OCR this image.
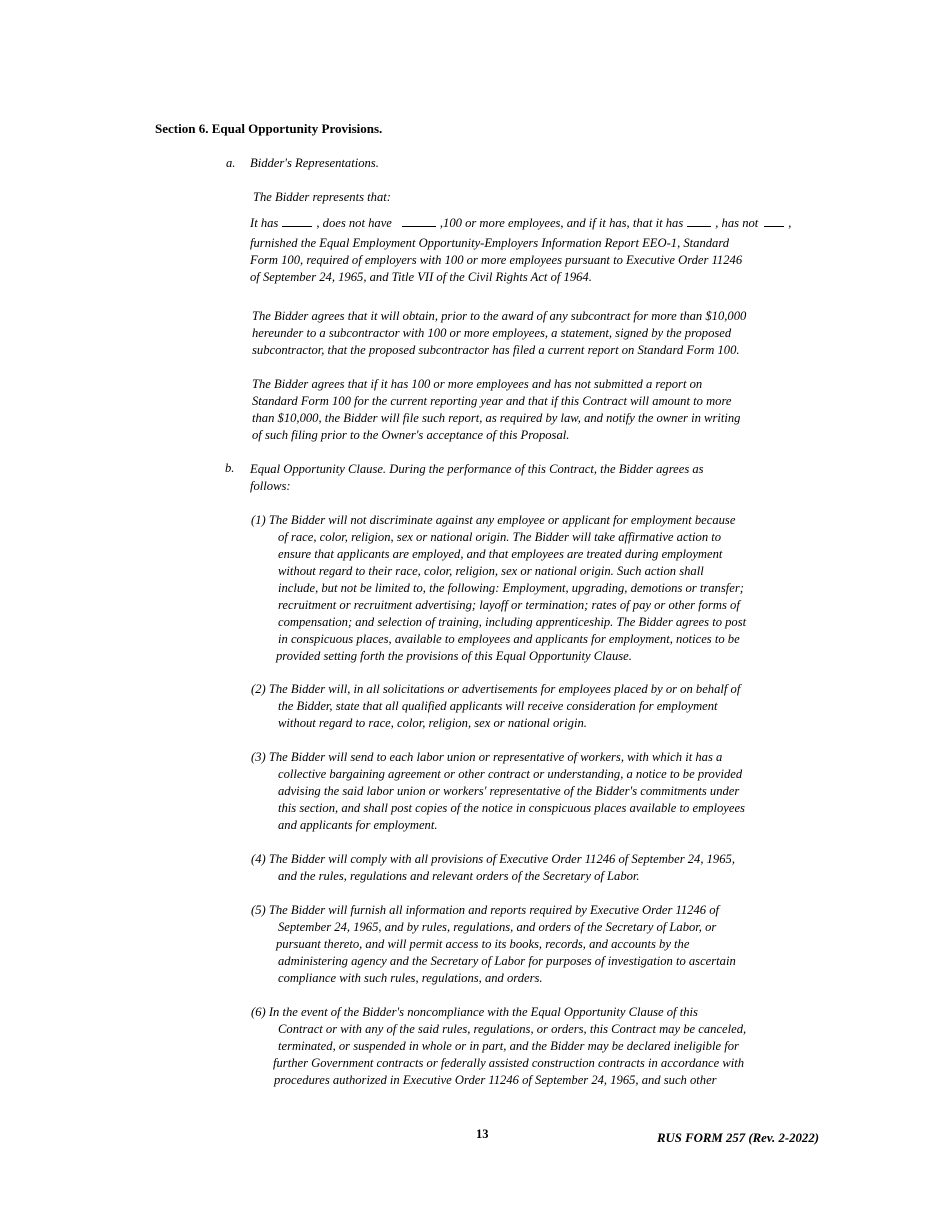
Section 6. Equal Opportunity Provisions.
a. Bidder's Representations.
The Bidder represents that:
It has	, does not have	,100 or more employees, and if it has, that it has	, has not ,
furnished the Equal Employment Opportunity-Employers Information Report EEO-1, Standard
Form 100, required of employers with 100 or more employees pursuant to Executive Order 11246
of September 24, 1965, and Title VII of the Civil Rights Act of 1964.
The Bidder agrees that it will obtain, prior to the award of any subcontract for more than $10,000
hereunder to a subcontractor with 100 or more employees, a statement, signed by the proposed
subcontractor, that the proposed subcontractor has filed a current report on Standard Form 100.
The Bidder agrees that if it has 100 or more employees and has not submitted a report on
Standard Form 100 for the current reporting year and that if this Contract will amount to more
than $10,000, the Bidder will file such report, as required by law, and notify the owner in writing
of such filing prior to the Owner's acceptance of this Proposal.
b. Equal Opportunity Clause. During the performance of this Contract, the Bidder agrees as
follows:
(1) The Bidder will not discriminate against any employee or applicant for employment because
of race, color, religion, sex or national origin. The Bidder will take affirmative action to
ensure that applicants are employed, and that employees are treated during employment
without regard to their race, color, religion, sex or national origin. Such action shall
include, but not be limited to, the following: Employment, upgrading, demotions or transfer;
recruitment or recruitment advertising; layoff or termination; rates of pay or other forms of
compensation; and selection of training, including apprenticeship. The Bidder agrees to post
in conspicuous places, available to employees and applicants for employment, notices to be
provided setting forth the provisions of this Equal Opportunity Clause.
(2) The Bidder will, in all solicitations or advertisements for employees placed by or on behalf of
the Bidder, state that all qualified applicants will receive consideration for employment
without regard to race, color, religion, sex or national origin.
(3) The Bidder will send to each labor union or representative of workers, with which it has a
collective bargaining agreement or other contract or understanding, a notice to be provided
advising the said labor union or workers' representative of the Bidder's commitments under
this section, and shall post copies of the notice in conspicuous places available to employees
and applicants for employment.
(4) The Bidder will comply with all provisions of Executive Order 11246 of September 24, 1965,
and the rules, regulations and relevant orders of the Secretary of Labor.
(5) The Bidder will furnish all information and reports required by Executive Order 11246 of
September 24, 1965, and by rules, regulations, and orders of the Secretary of Labor, or
pursuant thereto, and will permit access to its books, records, and accounts by the
administering agency and the Secretary of Labor for purposes of investigation to ascertain
compliance with such rules, regulations, and orders.
(6) In the event of the Bidder's noncompliance with the Equal Opportunity Clause of this
Contract or with any of the said rules, regulations, or orders, this Contract may be canceled,
terminated, or suspended in whole or in part, and the Bidder may be declared ineligible for
further Government contracts or federally assisted construction contracts in accordance with
procedures authorized in Executive Order 11246 of September 24, 1965, and such other
13	RUS FORM 257 (Rev. 2-2022)
